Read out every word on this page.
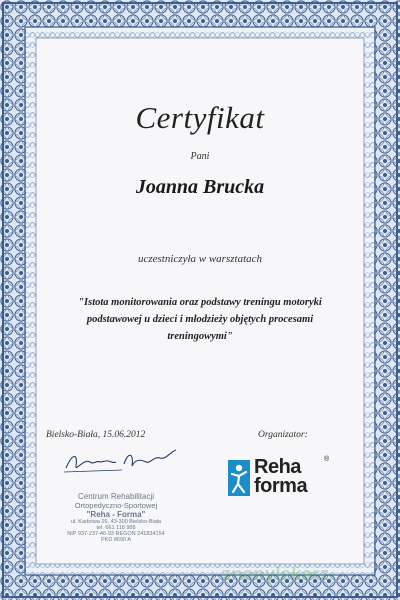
Certyfikat
Pani
Joanna Brucka
uczestniczyła w warsztatach
"Istota monitorowania oraz podstawy treningu motoryki
podstawowej u dzieci i młodzieży objętych procesami
treningowymi"
Bielsko-Biała, 15.06.2012	Organizator:
Centrum Rehabilitacji
Ortopedyczno-Sportowej
"Reha - Forma"
ul. Karbowa 26, 43-300 Bielsko-Biała
tel. 661 118 988
NIP 937-237-46-93 REGON 241834154
PKD 8690 A
Reha
forma
®
znanylekarz
